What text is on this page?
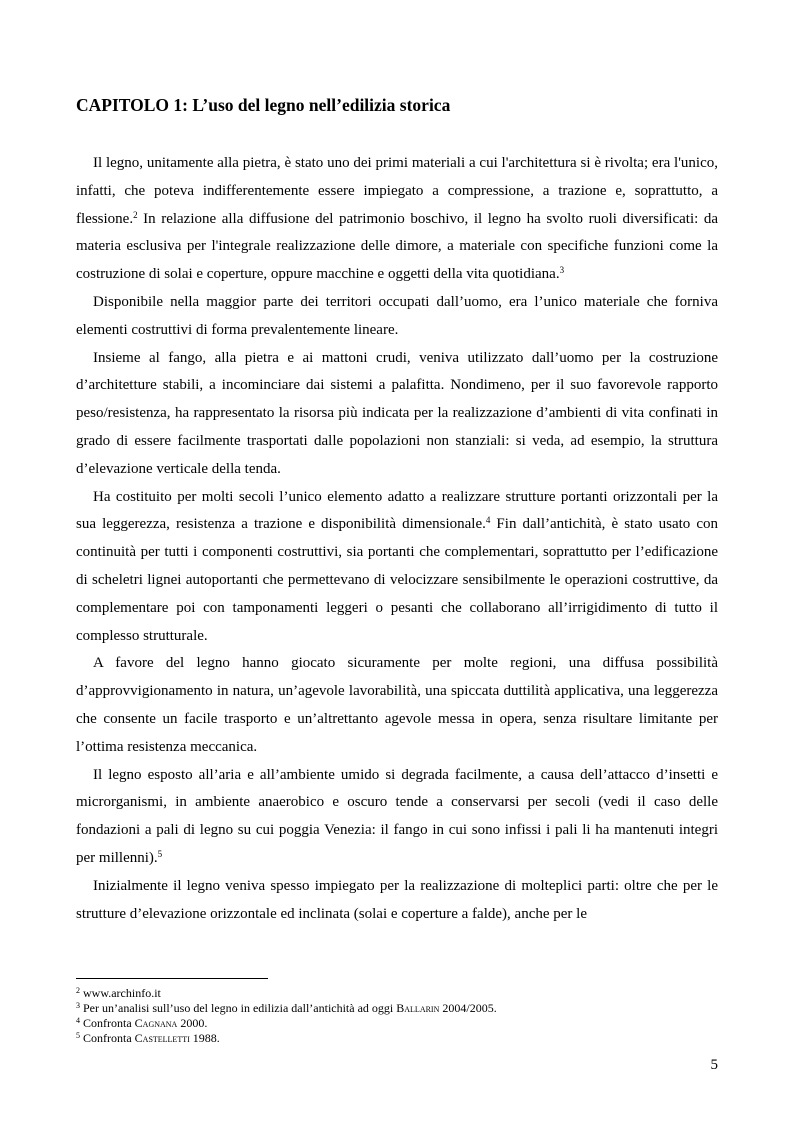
CAPITOLO 1: L’uso del legno nell’edilizia storica

Il legno, unitamente alla pietra, è stato uno dei primi materiali a cui l'architettura si è rivolta; era l'unico, infatti, che poteva indifferentemente essere impiegato a compressione, a trazione e, soprattutto, a flessione.$^2$ In relazione alla diffusione del patrimonio boschivo, il legno ha svolto ruoli diversificati: da materia esclusiva per l'integrale realizzazione delle dimore, a materiale con specifiche funzioni come la costruzione di solai e coperture, oppure macchine e oggetti della vita quotidiana.$^3$

Disponibile nella maggior parte dei territori occupati dall’uomo, era l’unico materiale che forniva elementi costruttivi di forma prevalentemente lineare.

Insieme al fango, alla pietra e ai mattoni crudi, veniva utilizzato dall’uomo per la costruzione d’architetture stabili, a incominciare dai sistemi a palafitta. Nondimeno, per il suo favorevole rapporto peso/resistenza, ha rappresentato la risorsa più indicata per la realizzazione d’ambienti di vita confinati in grado di essere facilmente trasportati dalle popolazioni non stanziali: si veda, ad esempio, la struttura d’elevazione verticale della tenda.

Ha costituito per molti secoli l’unico elemento adatto a realizzare strutture portanti orizzontali per la sua leggerezza, resistenza a trazione e disponibilità dimensionale.$^4$ Fin dall’antichità, è stato usato con continuità per tutti i componenti costruttivi, sia portanti che complementari, soprattutto per l’edificazione di scheletri lignei autoportanti che permettevano di velocizzare sensibilmente le operazioni costruttive, da complementare poi con tamponamenti leggeri o pesanti che collaborano all’irrigidimento di tutto il complesso strutturale.

A favore del legno hanno giocato sicuramente per molte regioni, una diffusa possibilità d’approvvigionamento in natura, un’agevole lavorabilità, una spiccata duttilità applicativa, una leggerezza che consente un facile trasporto e un’altrettanto agevole messa in opera, senza risultare limitante per l’ottima resistenza meccanica.

Il legno esposto all’aria e all’ambiente umido si degrada facilmente, a causa dell’attacco d’insetti e microrganismi, in ambiente anaerobico e oscuro tende a conservarsi per secoli (vedi il caso delle fondazioni a pali di legno su cui poggia Venezia: il fango in cui sono infissi i pali li ha mantenuti integri per millenni).$^5$

Inizialmente il legno veniva spesso impiegato per la realizzazione di molteplici parti: oltre che per le strutture d’elevazione orizzontale ed inclinata (solai e coperture a falde), anche per le

$^2$ www.archinfo.it
$^3$ Per un’analisi sull’uso del legno in edilizia dall’antichità ad oggi Ballarin 2004/2005.
$^4$ Confronta Cagnana 2000.
$^5$ Confronta Castelletti 1988.
5
